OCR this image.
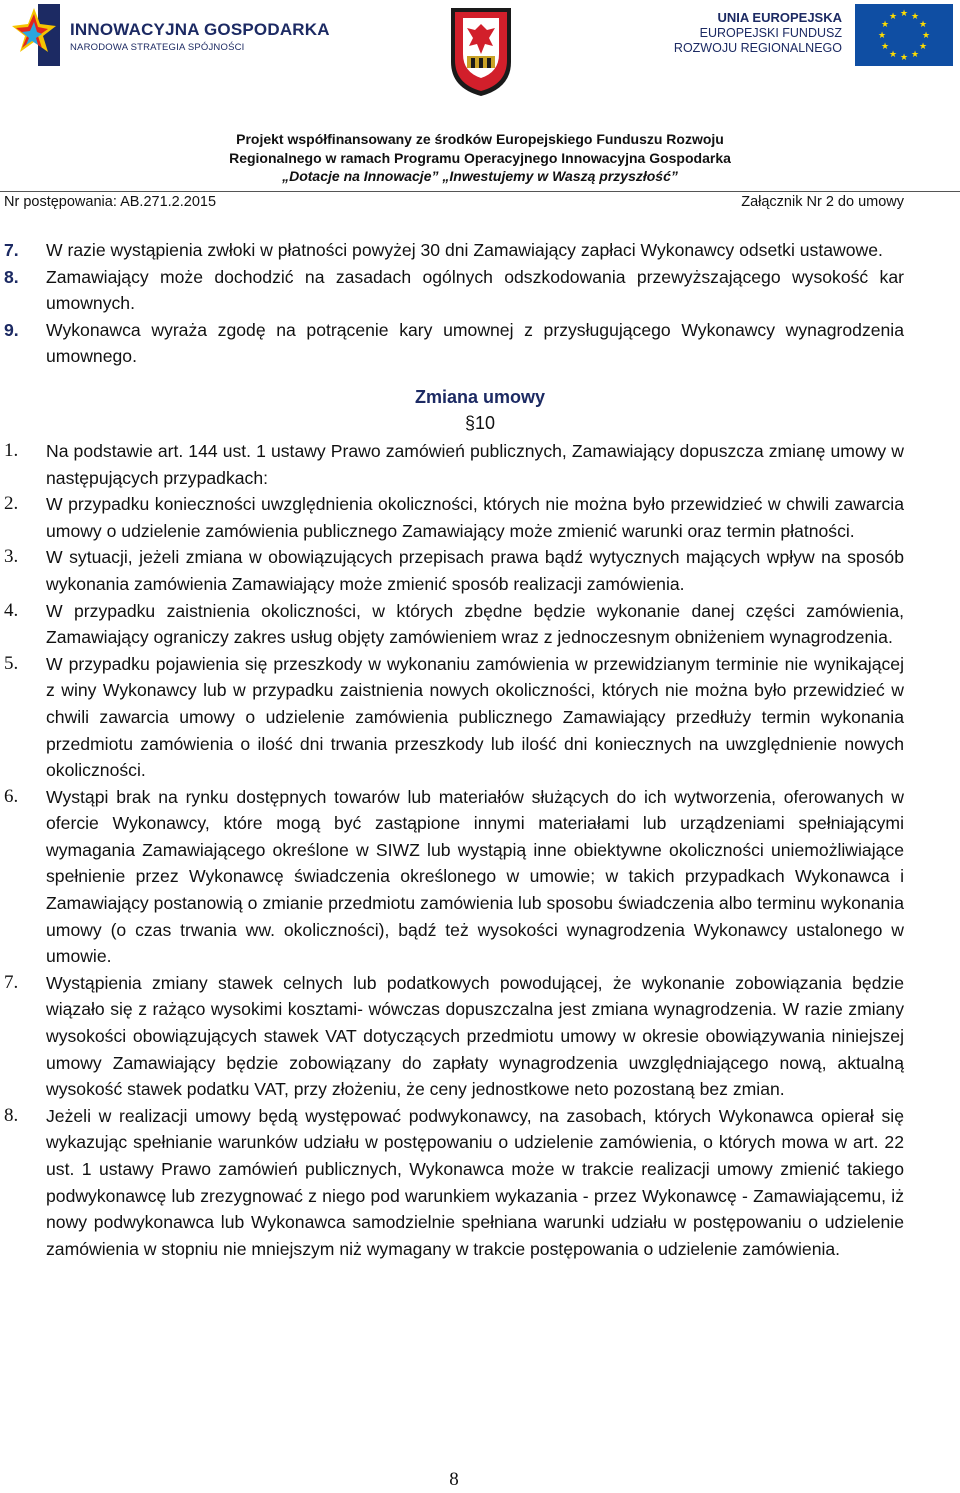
INNOWACYJNA GOSPODARKA
NARODOWA STRATEGIA SPÓJNOŚCI
UNIA EUROPEJSKA
EUROPEJSKI FUNDUSZ
ROZWOJU REGIONALNEGO
★ ★
★
★
★
★
★
★
★
★
★
★
Projekt współfinansowany ze środków Europejskiego Funduszu Rozwoju
Regionalnego w ramach Programu Operacyjnego Innowacyjna Gospodarka
„Dotacje na Innowacje” „Inwestujemy w Waszą przyszłość”
Nr postępowania: AB.271.2.2015	Załącznik Nr 2 do umowy
7. W razie wystąpienia zwłoki w płatności powyżej 30 dni Zamawiający zapłaci Wykonawcy odsetki ustawowe.
8. Zamawiający może dochodzić na zasadach ogólnych odszkodowania przewyższającego wysokość kar umownych.
9. Wykonawca wyraża zgodę na potrącenie kary umownej z przysługującego Wykonawcy wynagrodzenia umownego.
Zmiana umowy
§10
1. Na podstawie art. 144 ust. 1 ustawy Prawo zamówień publicznych, Zamawiający dopuszcza zmianę umowy w następujących przypadkach:
2. W przypadku konieczności uwzględnienia okoliczności, których nie można było przewidzieć w chwili zawarcia umowy o udzielenie zamówienia publicznego Zamawiający może zmienić warunki oraz termin płatności.
3. W sytuacji, jeżeli zmiana w obowiązujących przepisach prawa bądź wytycznych mających wpływ na sposób wykonania zamówienia Zamawiający może zmienić sposób realizacji zamówienia.
4. W przypadku zaistnienia okoliczności, w których zbędne będzie wykonanie danej części zamówienia, Zamawiający ograniczy zakres usług objęty zamówieniem wraz z jednoczesnym obniżeniem wynagrodzenia.
5. W przypadku pojawienia się przeszkody w wykonaniu zamówienia w przewidzianym terminie nie wynikającej z winy Wykonawcy lub w przypadku zaistnienia nowych okoliczności, których nie można było przewidzieć w chwili zawarcia umowy o udzielenie zamówienia publicznego Zamawiający przedłuży termin wykonania przedmiotu zamówienia o ilość dni trwania przeszkody lub ilość dni koniecznych na uwzględnienie nowych okoliczności.
6. Wystąpi brak na rynku dostępnych towarów lub materiałów służących do ich wytworzenia, oferowanych w ofercie Wykonawcy, które mogą być zastąpione innymi materiałami lub urządzeniami spełniającymi wymagania Zamawiającego określone w SIWZ lub wystąpią inne obiektywne okoliczności uniemożliwiające spełnienie przez Wykonawcę świadczenia określonego w umowie; w takich przypadkach Wykonawca i Zamawiający postanowią o zmianie przedmiotu zamówienia lub sposobu świadczenia albo terminu wykonania umowy (o czas trwania ww. okoliczności), bądź też wysokości wynagrodzenia Wykonawcy ustalonego w umowie.
7. Wystąpienia zmiany stawek celnych lub podatkowych powodującej, że wykonanie zobowiązania będzie wiązało się z rażąco wysokimi kosztami- wówczas dopuszczalna jest zmiana wynagrodzenia. W razie zmiany wysokości obowiązujących stawek VAT dotyczących przedmiotu umowy w okresie obowiązywania niniejszej umowy Zamawiający będzie zobowiązany do zapłaty wynagrodzenia uwzględniającego nową, aktualną wysokość stawek podatku VAT, przy złożeniu, że ceny jednostkowe neto pozostaną bez zmian.
8. Jeżeli w realizacji umowy będą występować podwykonawcy, na zasobach, których Wykonawca opierał się wykazując spełnianie warunków udziału w postępowaniu o udzielenie zamówienia, o których mowa w art. 22 ust. 1 ustawy Prawo zamówień publicznych, Wykonawca może w trakcie realizacji umowy zmienić takiego podwykonawcę lub zrezygnować z niego pod warunkiem wykazania - przez Wykonawcę - Zamawiającemu, iż nowy podwykonawca lub Wykonawca samodzielnie spełniana warunki udziału w postępowaniu o udzielenie zamówienia w stopniu nie mniejszym niż wymagany w trakcie postępowania o udzielenie zamówienia.
8
